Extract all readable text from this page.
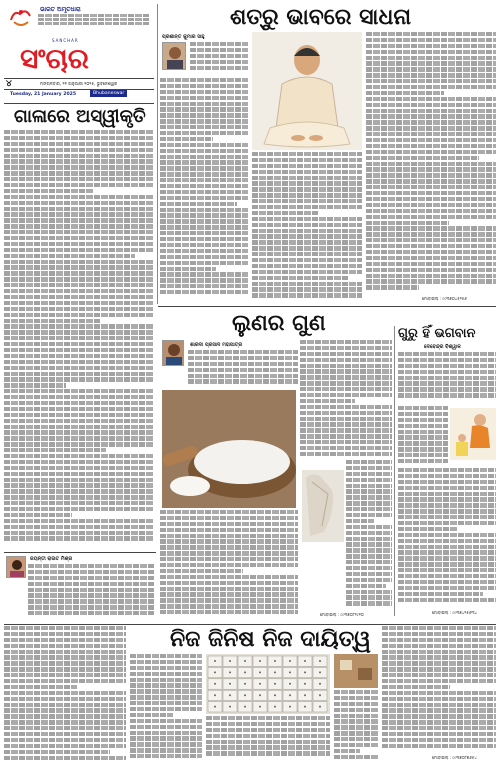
ଭାରତ ଅମୃତଧାରା
SANCHAR
ସଂଚାର
୪	ମଙ୍ଗଳବାର, ୨୧ ଜାନୁଆରୀ ୨୦୨୫, ଭୁବନେଶ୍ୱର
Tuesday, 21 January 2025	Bhubaneswar
ଗାଳାରେ ଅସ୍ୱୀକୃତି
ଶତ୍ରୁ ଭାବରେ ସାଧନା
ପ୍ରଶାନ୍ତ କୁମାର ସାହୁ
ମୋବାଇଲ୍ : ୯୯୩୭୦୪୫୨୫୬
ଲୁଣର ଗୁଣ
ଶାରଦା ପ୍ରସାଦ ମହାପାତ୍ର
ମୋବାଇଲ୍ : ୯୯୩୭୦୮୨୯୧୦
ଗୁରୁ ହିଁ ଭଗବାନ
ଦେବେନ୍ଦ୍ର ବିଶ୍ୱାଳ
ମୋବାଇଲ୍ : ୯୯୩୭୪୨୫୬୩୪
ଜୟନ୍ତୀ ରାଉତ ମିଶ୍ର
ନିଜ ଜିନିଷ ନିଜ ଦାୟିତ୍ୱ
ମୋବାଇଲ୍ : ୯୯୩୭୦୮୭୬୫୪
